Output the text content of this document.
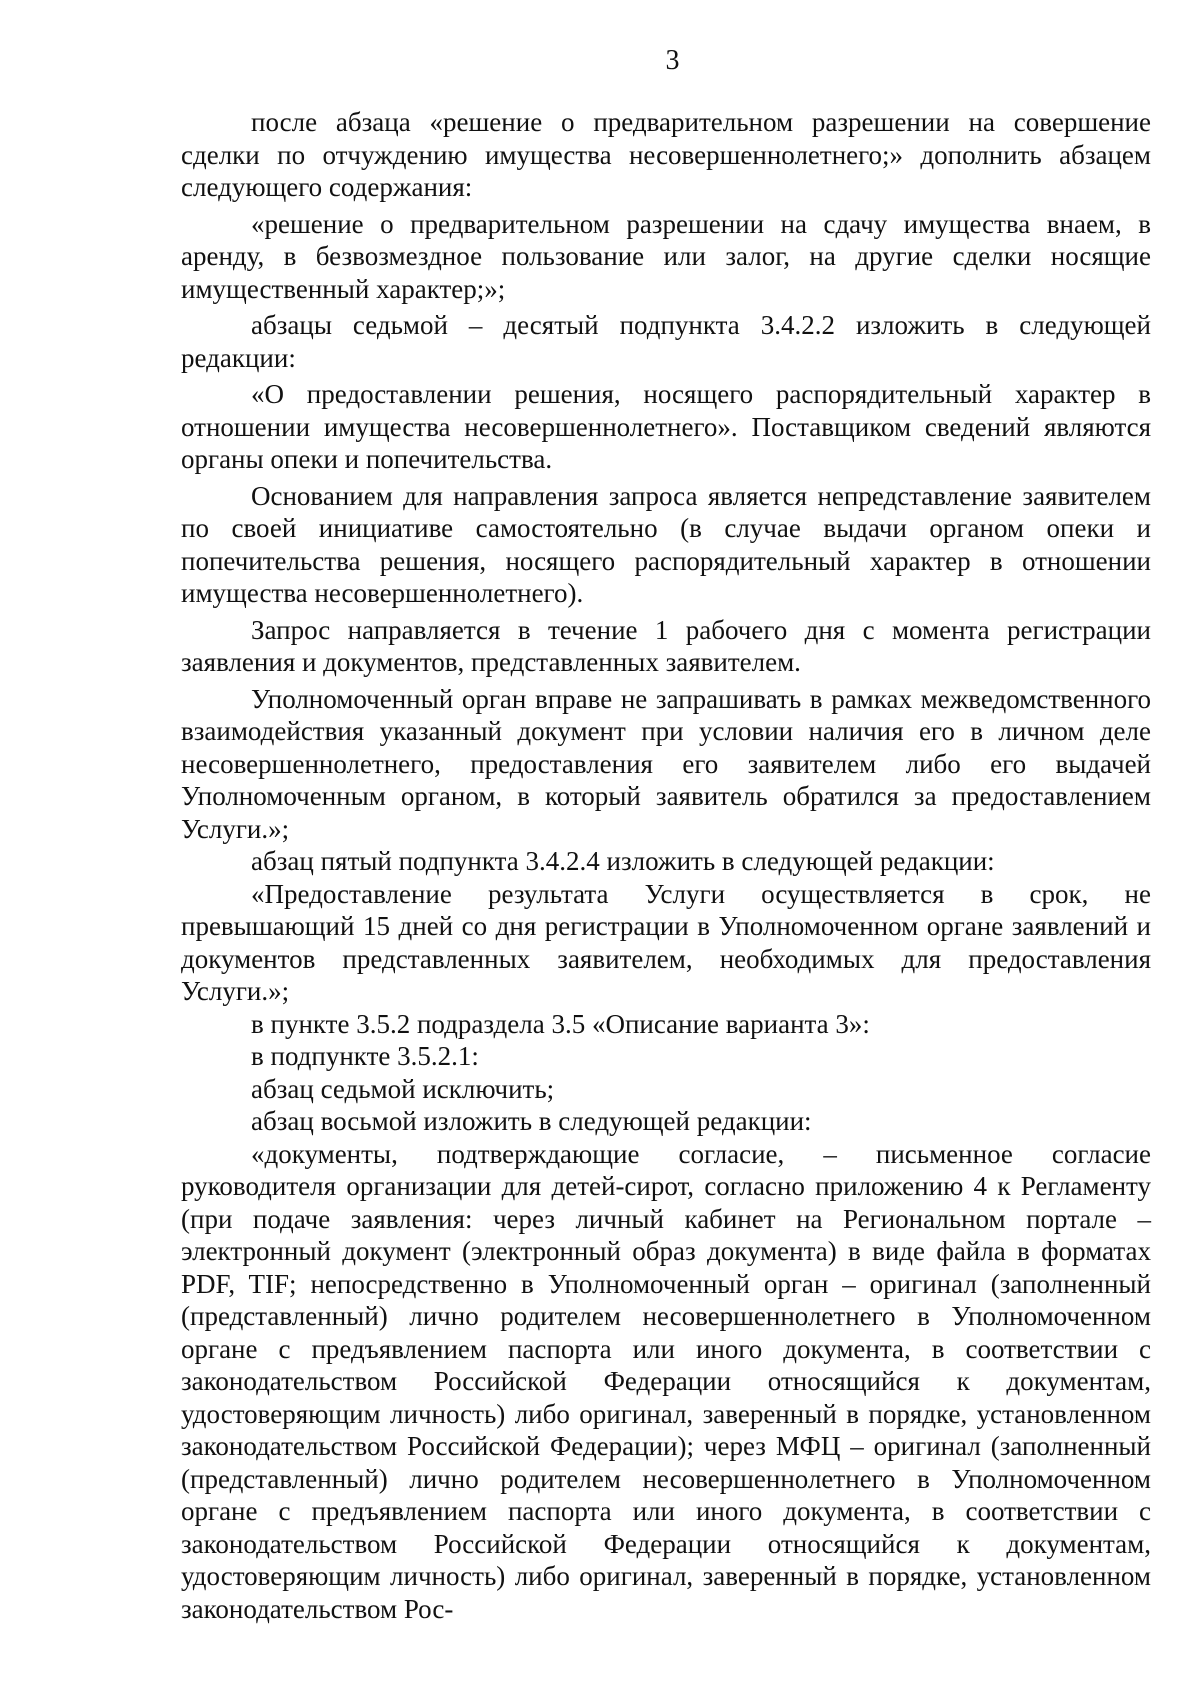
3

после абзаца «решение о предварительном разрешении на совершение сделки по отчуждению имущества несовершеннолетнего;» дополнить абзацем следующего содержания:

«решение о предварительном разрешении на сдачу имущества внаем, в аренду, в безвозмездное пользование или залог, на другие сделки носящие имущественный характер;»;

абзацы седьмой – десятый подпункта 3.4.2.2 изложить в следующей редакции:

«О предоставлении решения, носящего распорядительный характер в отношении имущества несовершеннолетнего». Поставщиком сведений являются органы опеки и попечительства.

Основанием для направления запроса является непредставление заявителем по своей инициативе самостоятельно (в случае выдачи органом опеки и попечительства решения, носящего распорядительный характер в отношении имущества несовершеннолетнего).

Запрос направляется в течение 1 рабочего дня с момента регистрации заявления и документов, представленных заявителем.

Уполномоченный орган вправе не запрашивать в рамках межведомственного взаимодействия указанный документ при условии наличия его в личном деле несовершеннолетнего, предоставления его заявителем либо его выдачей Уполномоченным органом, в который заявитель обратился за предоставлением Услуги.»;

абзац пятый подпункта 3.4.2.4 изложить в следующей редакции:

«Предоставление результата Услуги осуществляется в срок, не превышающий 15 дней со дня регистрации в Уполномоченном органе заявлений и документов представленных заявителем, необходимых для предоставления Услуги.»;

в пункте 3.5.2 подраздела 3.5 «Описание варианта 3»:

в подпункте 3.5.2.1:

абзац седьмой исключить;

абзац восьмой изложить в следующей редакции:

«документы, подтверждающие согласие, – письменное согласие руководителя организации для детей-сирот, согласно приложению 4 к Регламенту (при подаче заявления: через личный кабинет на Региональном портале – электронный документ (электронный образ документа) в виде файла в форматах PDF, TIF; непосредственно в Уполномоченный орган – оригинал (заполненный (представленный) лично родителем несовершеннолетнего в Уполномоченном органе с предъявлением паспорта или иного документа, в соответствии с законодательством Российской Федерации относящийся к документам, удостоверяющим личность) либо оригинал, заверенный в порядке, установленном законодательством Российской Федерации); через МФЦ – оригинал (заполненный (представленный) лично родителем несовершеннолетнего в Уполномоченном органе с предъявлением паспорта или иного документа, в соответствии с законодательством Российской Федерации относящийся к документам, удостоверяющим личность) либо оригинал, заверенный в порядке, установленном законодательством Рос-
